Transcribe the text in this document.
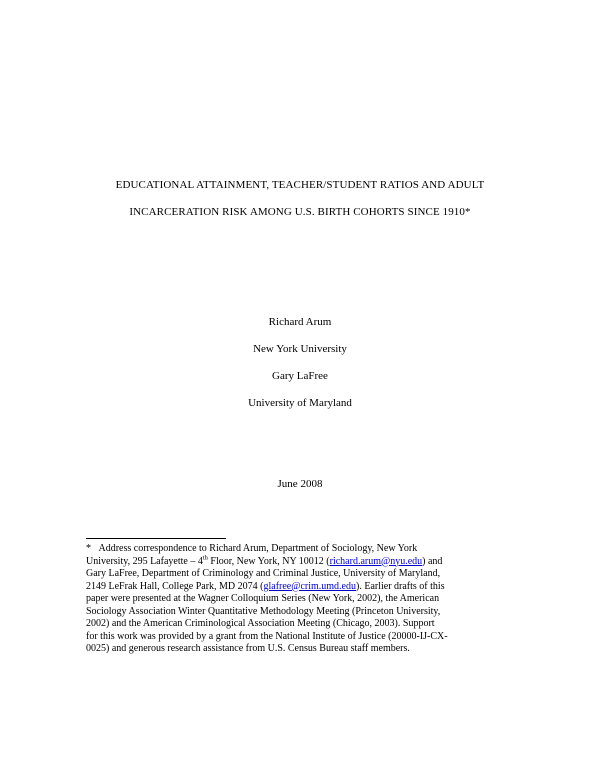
EDUCATIONAL ATTAINMENT, TEACHER/STUDENT RATIOS AND ADULT
INCARCERATION RISK AMONG U.S. BIRTH COHORTS SINCE 1910*
Richard Arum
New York University
Gary LaFree
University of Maryland
June 2008
* Address correspondence to Richard Arum, Department of Sociology, New York
University, 295 Lafayette – 4th Floor, New York, NY 10012 (richard.arum@nyu.edu) and
Gary LaFree, Department of Criminology and Criminal Justice, University of Maryland,
2149 LeFrak Hall, College Park, MD 2074 (glafree@crim.umd.edu). Earlier drafts of this
paper were presented at the Wagner Colloquium Series (New York, 2002), the American
Sociology Association Winter Quantitative Methodology Meeting (Princeton University,
2002) and the American Criminological Association Meeting (Chicago, 2003). Support
for this work was provided by a grant from the National Institute of Justice (20000-IJ-CX-
0025) and generous research assistance from U.S. Census Bureau staff members.
